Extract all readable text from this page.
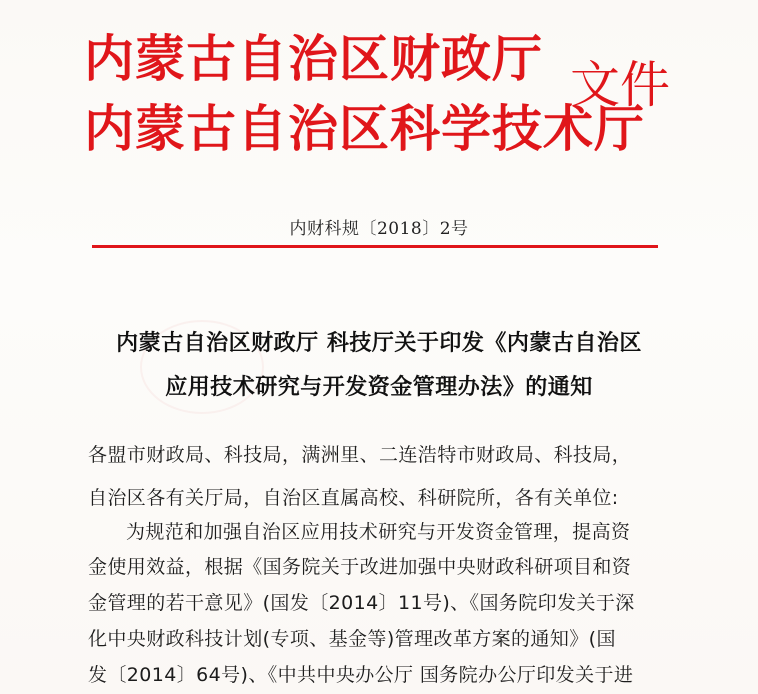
内蒙古自治区财政厅
内蒙古自治区科学技术厅
文件
内财科规〔2018〕2号
内蒙古自治区财政厅 科技厅关于印发《内蒙古自治区
应用技术研究与开发资金管理办法》的通知
各盟市财政局、科技局，满洲里、二连浩特市财政局、科技局，
自治区各有关厅局，自治区直属高校、科研院所，各有关单位:
为规范和加强自治区应用技术研究与开发资金管理，提高资
金使用效益，根据《国务院关于改进加强中央财政科研项目和资
金管理的若干意见》(国发〔2014〕11号)、《国务院印发关于深
化中央财政科技计划(专项、基金等)管理改革方案的通知》(国
发〔2014〕64号)、《中共中央办公厅 国务院办公厅印发关于进
